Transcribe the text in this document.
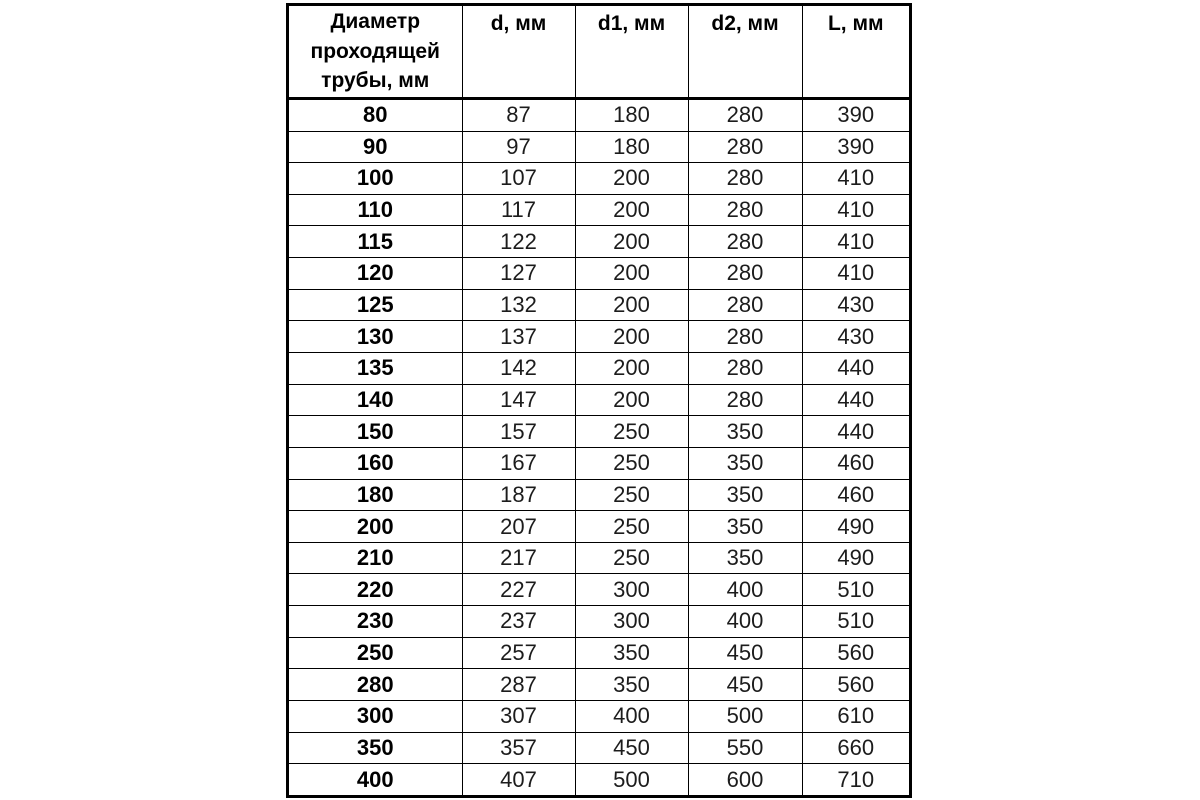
Диаметр проходящей трубы, мм	d, мм	d1, мм	d2, мм	L, мм
80	87	180	280	390
90	97	180	280	390
100	107	200	280	410
110	117	200	280	410
115	122	200	280	410
120	127	200	280	410
125	132	200	280	430
130	137	200	280	430
135	142	200	280	440
140	147	200	280	440
150	157	250	350	440
160	167	250	350	460
180	187	250	350	460
200	207	250	350	490
210	217	250	350	490
220	227	300	400	510
230	237	300	400	510
250	257	350	450	560
280	287	350	450	560
300	307	400	500	610
350	357	450	550	660
400	407	500	600	710
